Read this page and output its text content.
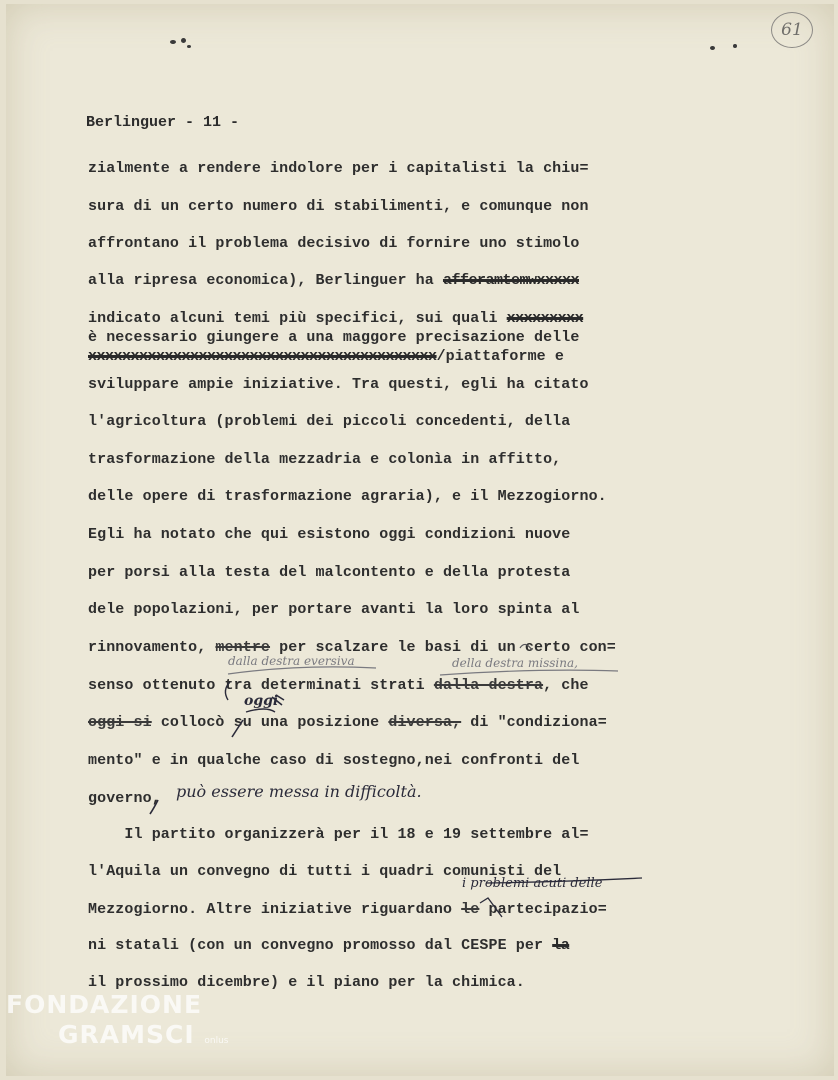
61
Berlinguer - 11 -
zialmente a rendere indolore per i capitalisti la chiu=
sura di un certo numero di stabilimenti, e comunque non
affrontano il problema decisivo di fornire uno stimolo
alla ripresa economica), Berlinguer ha afferamtemwxxxxx
indicato alcuni temi più specifici, sui quali xxxxxxxxx
è necessario giungere a una maggore precisazione delle
xxxxxxxxxxxxxxxxxxxxxxxxxxxxxxxxxxxxxxxxx/piattaforme e
sviluppare ampie iniziative. Tra questi, egli ha citato
l'agricoltura (problemi dei piccoli concedenti, della
trasformazione della mezzadria e colonìa in affitto,
delle opere di trasformazione agraria), e il Mezzogiorno.
Egli ha notato che qui esistono oggi condizioni nuove
per porsi alla testa del malcontento e della protesta
dele popolazioni, per portare avanti la loro spinta al
rinnovamento, mentre per scalzare le basi di un certo con=
senso ottenuto tra determinati strati dalla destra, che
oggi si collocò su una posizione diversa, di "condiziona=
mento" e in qualche caso di sostegno,nei confronti del
governo,
Il partito organizzerà per il 18 e 19 settembre al=
l'Aquila un convegno di tutti i quadri comunisti del
Mezzogiorno. Altre iniziative riguardano le partecipazio=
ni statali (con un convegno promosso dal CESPE per la
il prossimo dicembre) e il piano per la chimica.
dalla destra eversiva	della destra missina,
oggi
può essere messa in difficoltà.
i problemi acuti delle
FONDAZIONE
GRAMSCI onlus
